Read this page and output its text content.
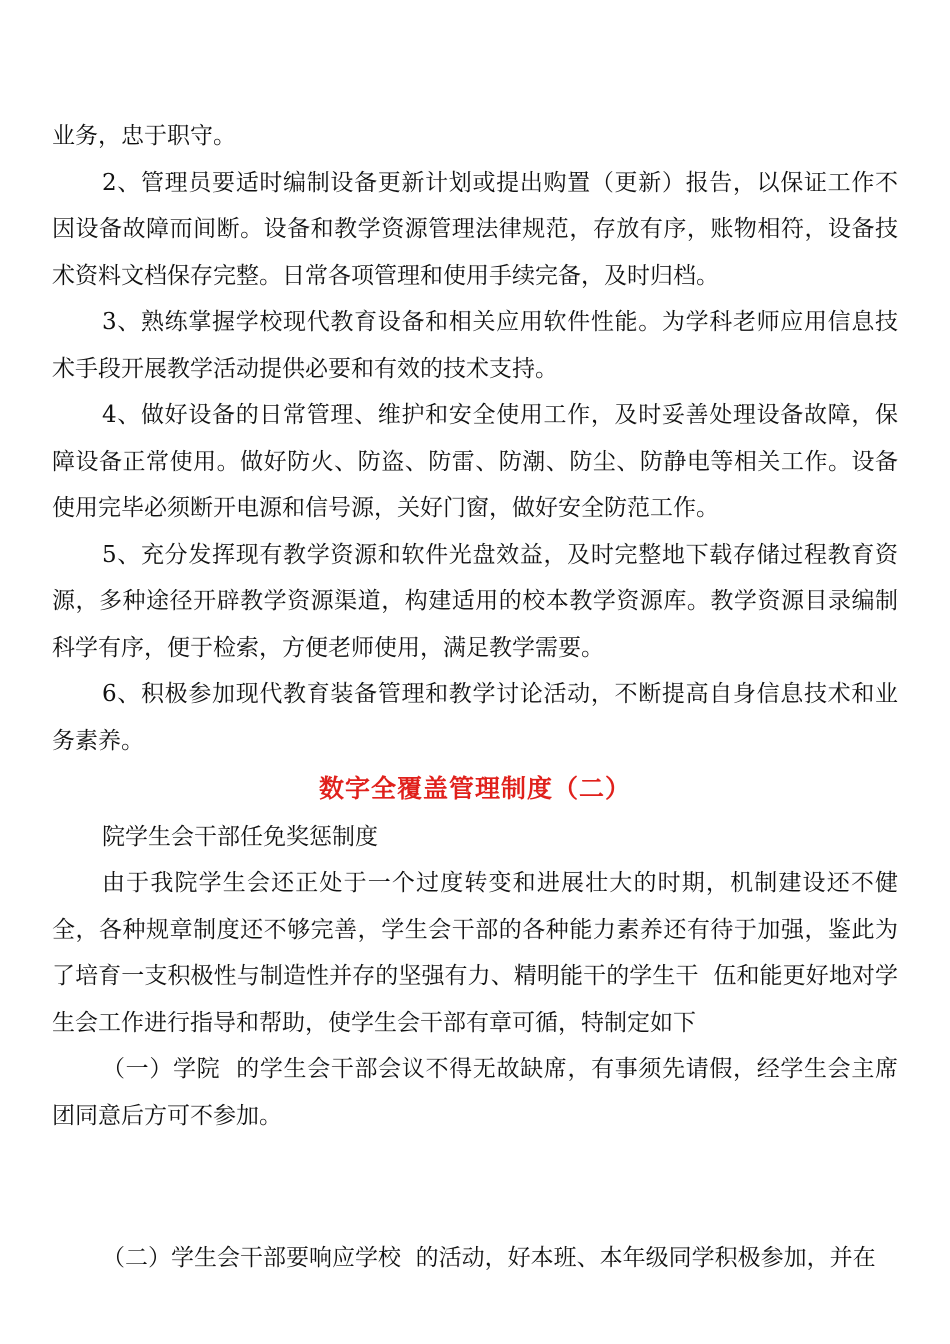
业务，忠于职守。

2、管理员要适时编制设备更新计划或提出购置（更新）报告，以保证工作不因设备故障而间断。设备和教学资源管理法律规范，存放有序，账物相符，设备技术资料文档保存完整。日常各项管理和使用手续完备，及时归档。

3、熟练掌握学校现代教育设备和相关应用软件性能。为学科老师应用信息技术手段开展教学活动提供必要和有效的技术支持。

4、做好设备的日常管理、维护和安全使用工作，及时妥善处理设备故障，保障设备正常使用。做好防火、防盗、防雷、防潮、防尘、防静电等相关工作。设备使用完毕必须断开电源和信号源，关好门窗，做好安全防范工作。

5、充分发挥现有教学资源和软件光盘效益，及时完整地下载存储过程教育资源，多种途径开辟教学资源渠道，构建适用的校本教学资源库。教学资源目录编制科学有序，便于检索，方便老师使用，满足教学需要。

6、积极参加现代教育装备管理和教学讨论活动，不断提高自身信息技术和业务素养。

数字全覆盖管理制度（二）

院学生会干部任免奖惩制度

由于我院学生会还正处于一个过度转变和进展壮大的时期，机制建设还不健全，各种规章制度还不够完善，学生会干部的各种能力素养还有待于加强，鉴此为了培育一支积极性与制造性并存的坚强有力、精明能干的学生干  伍和能更好地对学生会工作进行指导和帮助，使学生会干部有章可循，特制定如下

（一）学院  的学生会干部会议不得无故缺席，有事须先请假，经学生会主席团同意后方可不参加。

（二）学生会干部要响应学校  的活动，好本班、本年级同学积极参加，并在
